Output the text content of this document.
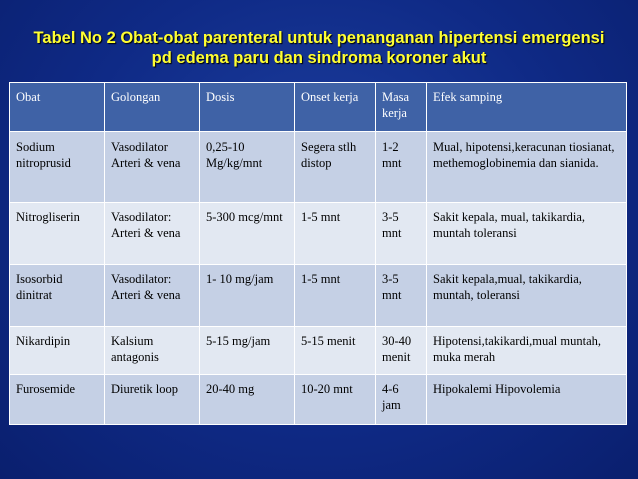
Tabel No 2 Obat-obat parenteral untuk penanganan hipertensi emergensi
pd edema paru dan sindroma koroner akut
Obat	Golongan	Dosis	Onset kerja	Masa kerja	Efek samping
Sodium nitroprusid	Vasodilator Arteri & vena	0,25-10 Mg/kg/mnt	Segera stlh distop	1-2 mnt	Mual, hipotensi,keracunan tiosianat, methemoglobinemia dan sianida.
Nitrogliserin	Vasodilator: Arteri & vena	5-300 mcg/mnt	1-5 mnt	3-5 mnt	Sakit kepala, mual, takikardia, muntah toleransi
Isosorbid dinitrat	Vasodilator: Arteri & vena	1- 10 mg/jam	1-5 mnt	3-5 mnt	Sakit kepala,mual, takikardia, muntah, toleransi
Nikardipin	Kalsium antagonis	5-15 mg/jam	5-15 menit	30-40 menit	Hipotensi,takikardi,mual muntah, muka merah
Furosemide	Diuretik loop	20-40 mg	10-20 mnt	4-6 jam	Hipokalemi Hipovolemia
